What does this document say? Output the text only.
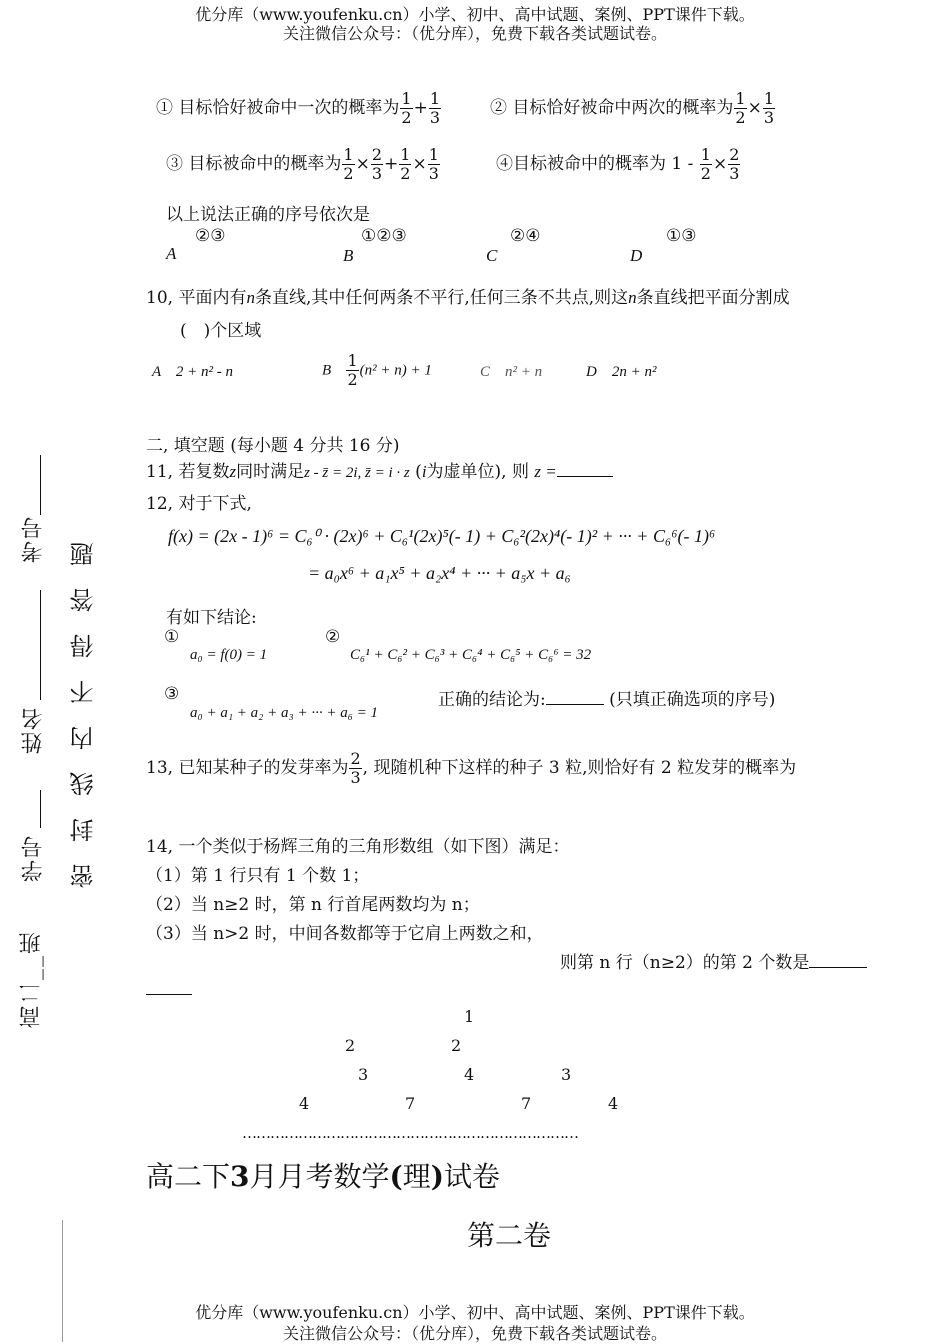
优分库（www.youfenku.cn）小学、初中、高中试题、案例、PPT课件下载。
关注微信公众号：（优分库），免费下载各类试题试卷。
① 目标恰好被命中一次的概率为 $\frac{1}{2} + \frac{1}{3}$	② 目标恰好被命中两次的概率为 $\frac{1}{2} \times \frac{1}{3}$
③ 目标被命中的概率为 $\frac{1}{2} \times \frac{2}{3} + \frac{1}{2} \times \frac{1}{3}$	④目标被命中的概率为 $1 - \frac{1}{2} \times \frac{2}{3}$
以上说法正确的序号依次是
A
②③
B
①②③
C
②④
D
①③
10, 平面内有n条直线,其中任何两条不平行,任何三条不共点,则这n条直线把平面分割成
(　)个区域
A　2 + n² - n	B $\frac{1}{2} (n^2 + n) + 1$	C　n² + n	D　2n + n²
二, 填空题 (每小题 4 分共 16 分)
11, 若复数z同时满足z - z̄ = 2i, z̄ = i · z (i为虚单位), 则 z =
12, 对于下式,
f(x) = (2x - 1)⁶ = C₆⁰ · (2x)⁶ + C₆¹(2x)⁵(- 1) + C₆²(2x)⁴(- 1)² + ··· + C₆⁶(- 1)⁶
= a₀x⁶ + a₁x⁵ + a₂x⁴ + ··· + a₅x + a₆
有如下结论:
①
a₀ = f(0) = 1
②
C₆¹ + C₆² + C₆³ + C₆⁴ + C₆⁵ + C₆⁶ = 32
③
a₀ + a₁ + a₂ + a₃ + ··· + a₆ = 1
正确的结论为:	(只填正确选项的序号)
13, 已知某种子的发芽率为 $\frac{2}{3}$ , 现随机种下这样的种子 3 粒,则恰好有 2 粒发芽的概率为
14, 一个类似于杨辉三角的三角形数组（如下图）满足：
（1）第 1 行只有 1 个数 1；
（2）当 n≥2 时，第 n 行首尾两数均为 n；
（3）当 n>2 时，中间各数都等于它肩上两数之和，
则第 n 行（n≥2）的第 2 个数是
1
2	2
3	4	3
4	7	7	4
………………………………………………………………
高二下3月月考数学(理)试卷
第二卷
优分库（www.youfenku.cn）小学、初中、高中试题、案例、PPT课件下载。
关注微信公众号：（优分库），免费下载各类试题试卷。
考号
姓名
学号
高二__班
密封线内不得答题
